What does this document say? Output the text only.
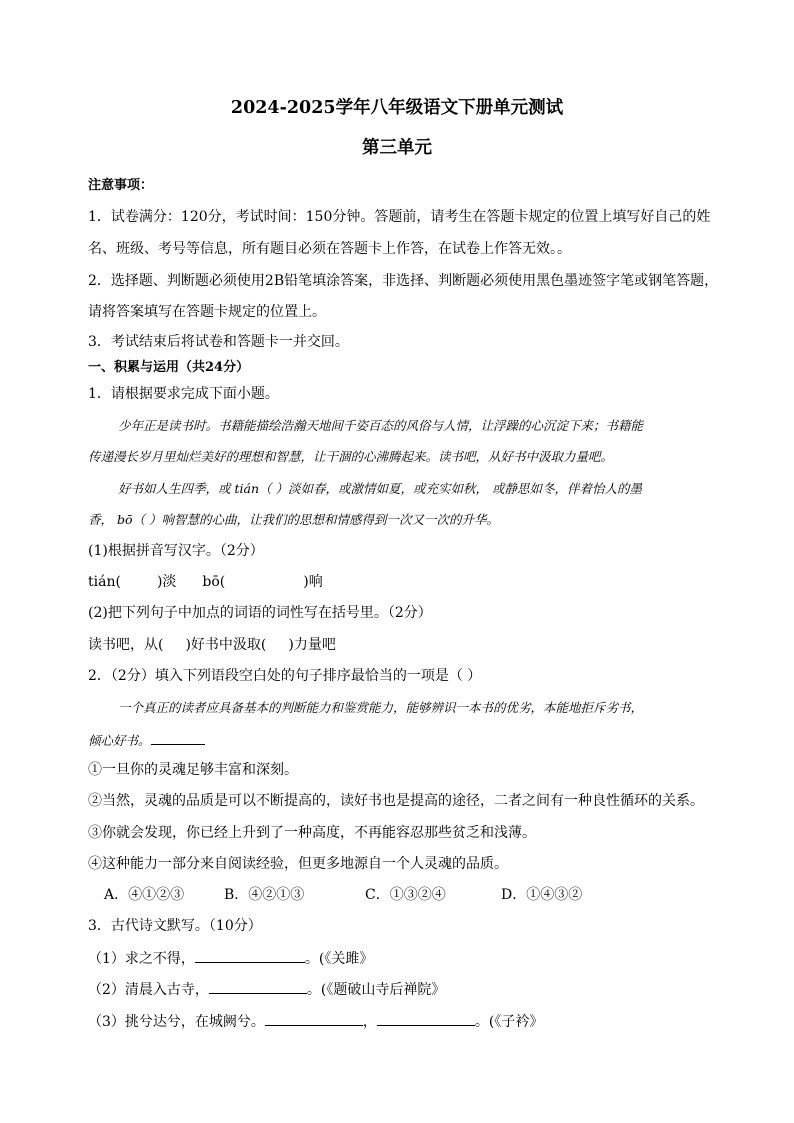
2024-2025学年八年级语文下册单元测试
第三单元
注意事项：
1．试卷满分：120分，考试时间：150分钟。答题前，请考生在答题卡规定的位置上填写好自己的姓
名、班级、考号等信息，所有题目必须在答题卡上作答，在试卷上作答无效。。
2．选择题、判断题必须使用2B铅笔填涂答案，非选择、判断题必须使用黑色墨迹签字笔或钢笔答题，
请将答案填写在答题卡规定的位置上。
3．考试结束后将试卷和答题卡一并交回。
一、积累与运用（共24分）
1．请根据要求完成下面小题。
少年正是读书时。书籍能描绘浩瀚天地间千姿百态的风俗与人情，让浮躁的心沉淀下来；书籍能
传递漫长岁月里灿烂美好的理想和智慧，让干涸的心沸腾起来。读书吧，从好书中汲取力量吧。
好书如人生四季，或 tián（ ）淡如春，或激情如夏，或充实如秋， 或静思如冬，伴着怡人的墨
香， bō（ ）响智慧的心曲，让我们的思想和情感得到一次又一次的升华。
(1)根据拼音写汉字。（2分）
tián(	)淡 bō(	)响
(2)把下列句子中加点的词语的词性写在括号里。（2分）
读书吧，从( )好书中汲取( )力量吧
2．（2分）填入下列语段空白处的句子排序最恰当的一项是（ ）
一个真正的读者应具备基本的判断能力和鉴赏能力，能够辨识一本书的优劣，本能地拒斥劣书，
倾心好书。
①一旦你的灵魂足够丰富和深刻。
②当然，灵魂的品质是可以不断提高的，读好书也是提高的途径，二者之间有一种良性循环的关系。
③你就会发现，你已经上升到了一种高度，不再能容忍那些贫乏和浅薄。
④这种能力一部分来自阅读经验，但更多地源自一个人灵魂的品质。
A．④①②③	B．④②①③	C．①③②④	D．①④③②
3．古代诗文默写。（10分）
（1）求之不得，	。(《关雎》
（2）清晨入古寺，	。(《题破山寺后禅院》
（3）挑兮达兮，在城阙兮。	，	。(《子衿》
